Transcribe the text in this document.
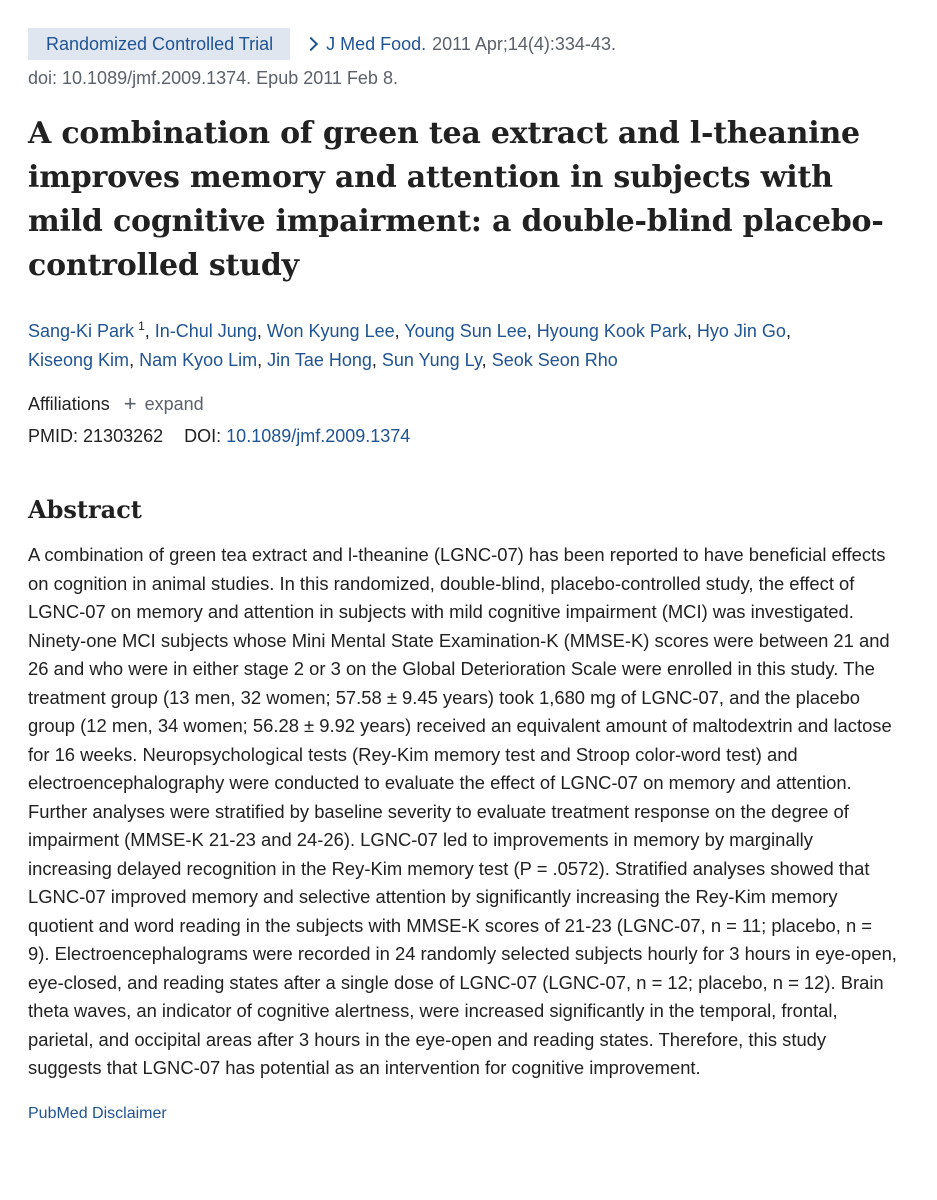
Randomized Controlled Trial	J Med Food. 2011 Apr;14(4):334-43.
doi: 10.1089/jmf.2009.1374. Epub 2011 Feb 8.
A combination of green tea extract and l-theanine improves memory and attention in subjects with mild cognitive impairment: a double-blind placebo-controlled study
Sang-Ki Park $^1$, In-Chul Jung, Won Kyung Lee, Young Sun Lee, Hyoung Kook Park, Hyo Jin Go,
Kiseong Kim, Nam Kyoo Lim, Jin Tae Hong, Sun Yung Ly, Seok Seon Rho
Affiliations + expand
PMID: 21303262 DOI: 10.1089/jmf.2009.1374
Abstract
A combination of green tea extract and l-theanine (LGNC-07) has been reported to have beneficial effects on cognition in animal studies. In this randomized, double-blind, placebo-controlled study, the effect of LGNC-07 on memory and attention in subjects with mild cognitive impairment (MCI) was investigated. Ninety-one MCI subjects whose Mini Mental State Examination-K (MMSE-K) scores were between 21 and 26 and who were in either stage 2 or 3 on the Global Deterioration Scale were enrolled in this study. The treatment group (13 men, 32 women; 57.58 ± 9.45 years) took 1,680 mg of LGNC-07, and the placebo group (12 men, 34 women; 56.28 ± 9.92 years) received an equivalent amount of maltodextrin and lactose for 16 weeks. Neuropsychological tests (Rey-Kim memory test and Stroop color-word test) and electroencephalography were conducted to evaluate the effect of LGNC-07 on memory and attention. Further analyses were stratified by baseline severity to evaluate treatment response on the degree of impairment (MMSE-K 21-23 and 24-26). LGNC-07 led to improvements in memory by marginally increasing delayed recognition in the Rey-Kim memory test (P = .0572). Stratified analyses showed that LGNC-07 improved memory and selective attention by significantly increasing the Rey-Kim memory quotient and word reading in the subjects with MMSE-K scores of 21-23 (LGNC-07, n = 11; placebo, n = 9). Electroencephalograms were recorded in 24 randomly selected subjects hourly for 3 hours in eye-open, eye-closed, and reading states after a single dose of LGNC-07 (LGNC-07, n = 12; placebo, n = 12). Brain theta waves, an indicator of cognitive alertness, were increased significantly in the temporal, frontal, parietal, and occipital areas after 3 hours in the eye-open and reading states. Therefore, this study suggests that LGNC-07 has potential as an intervention for cognitive improvement.
PubMed Disclaimer
